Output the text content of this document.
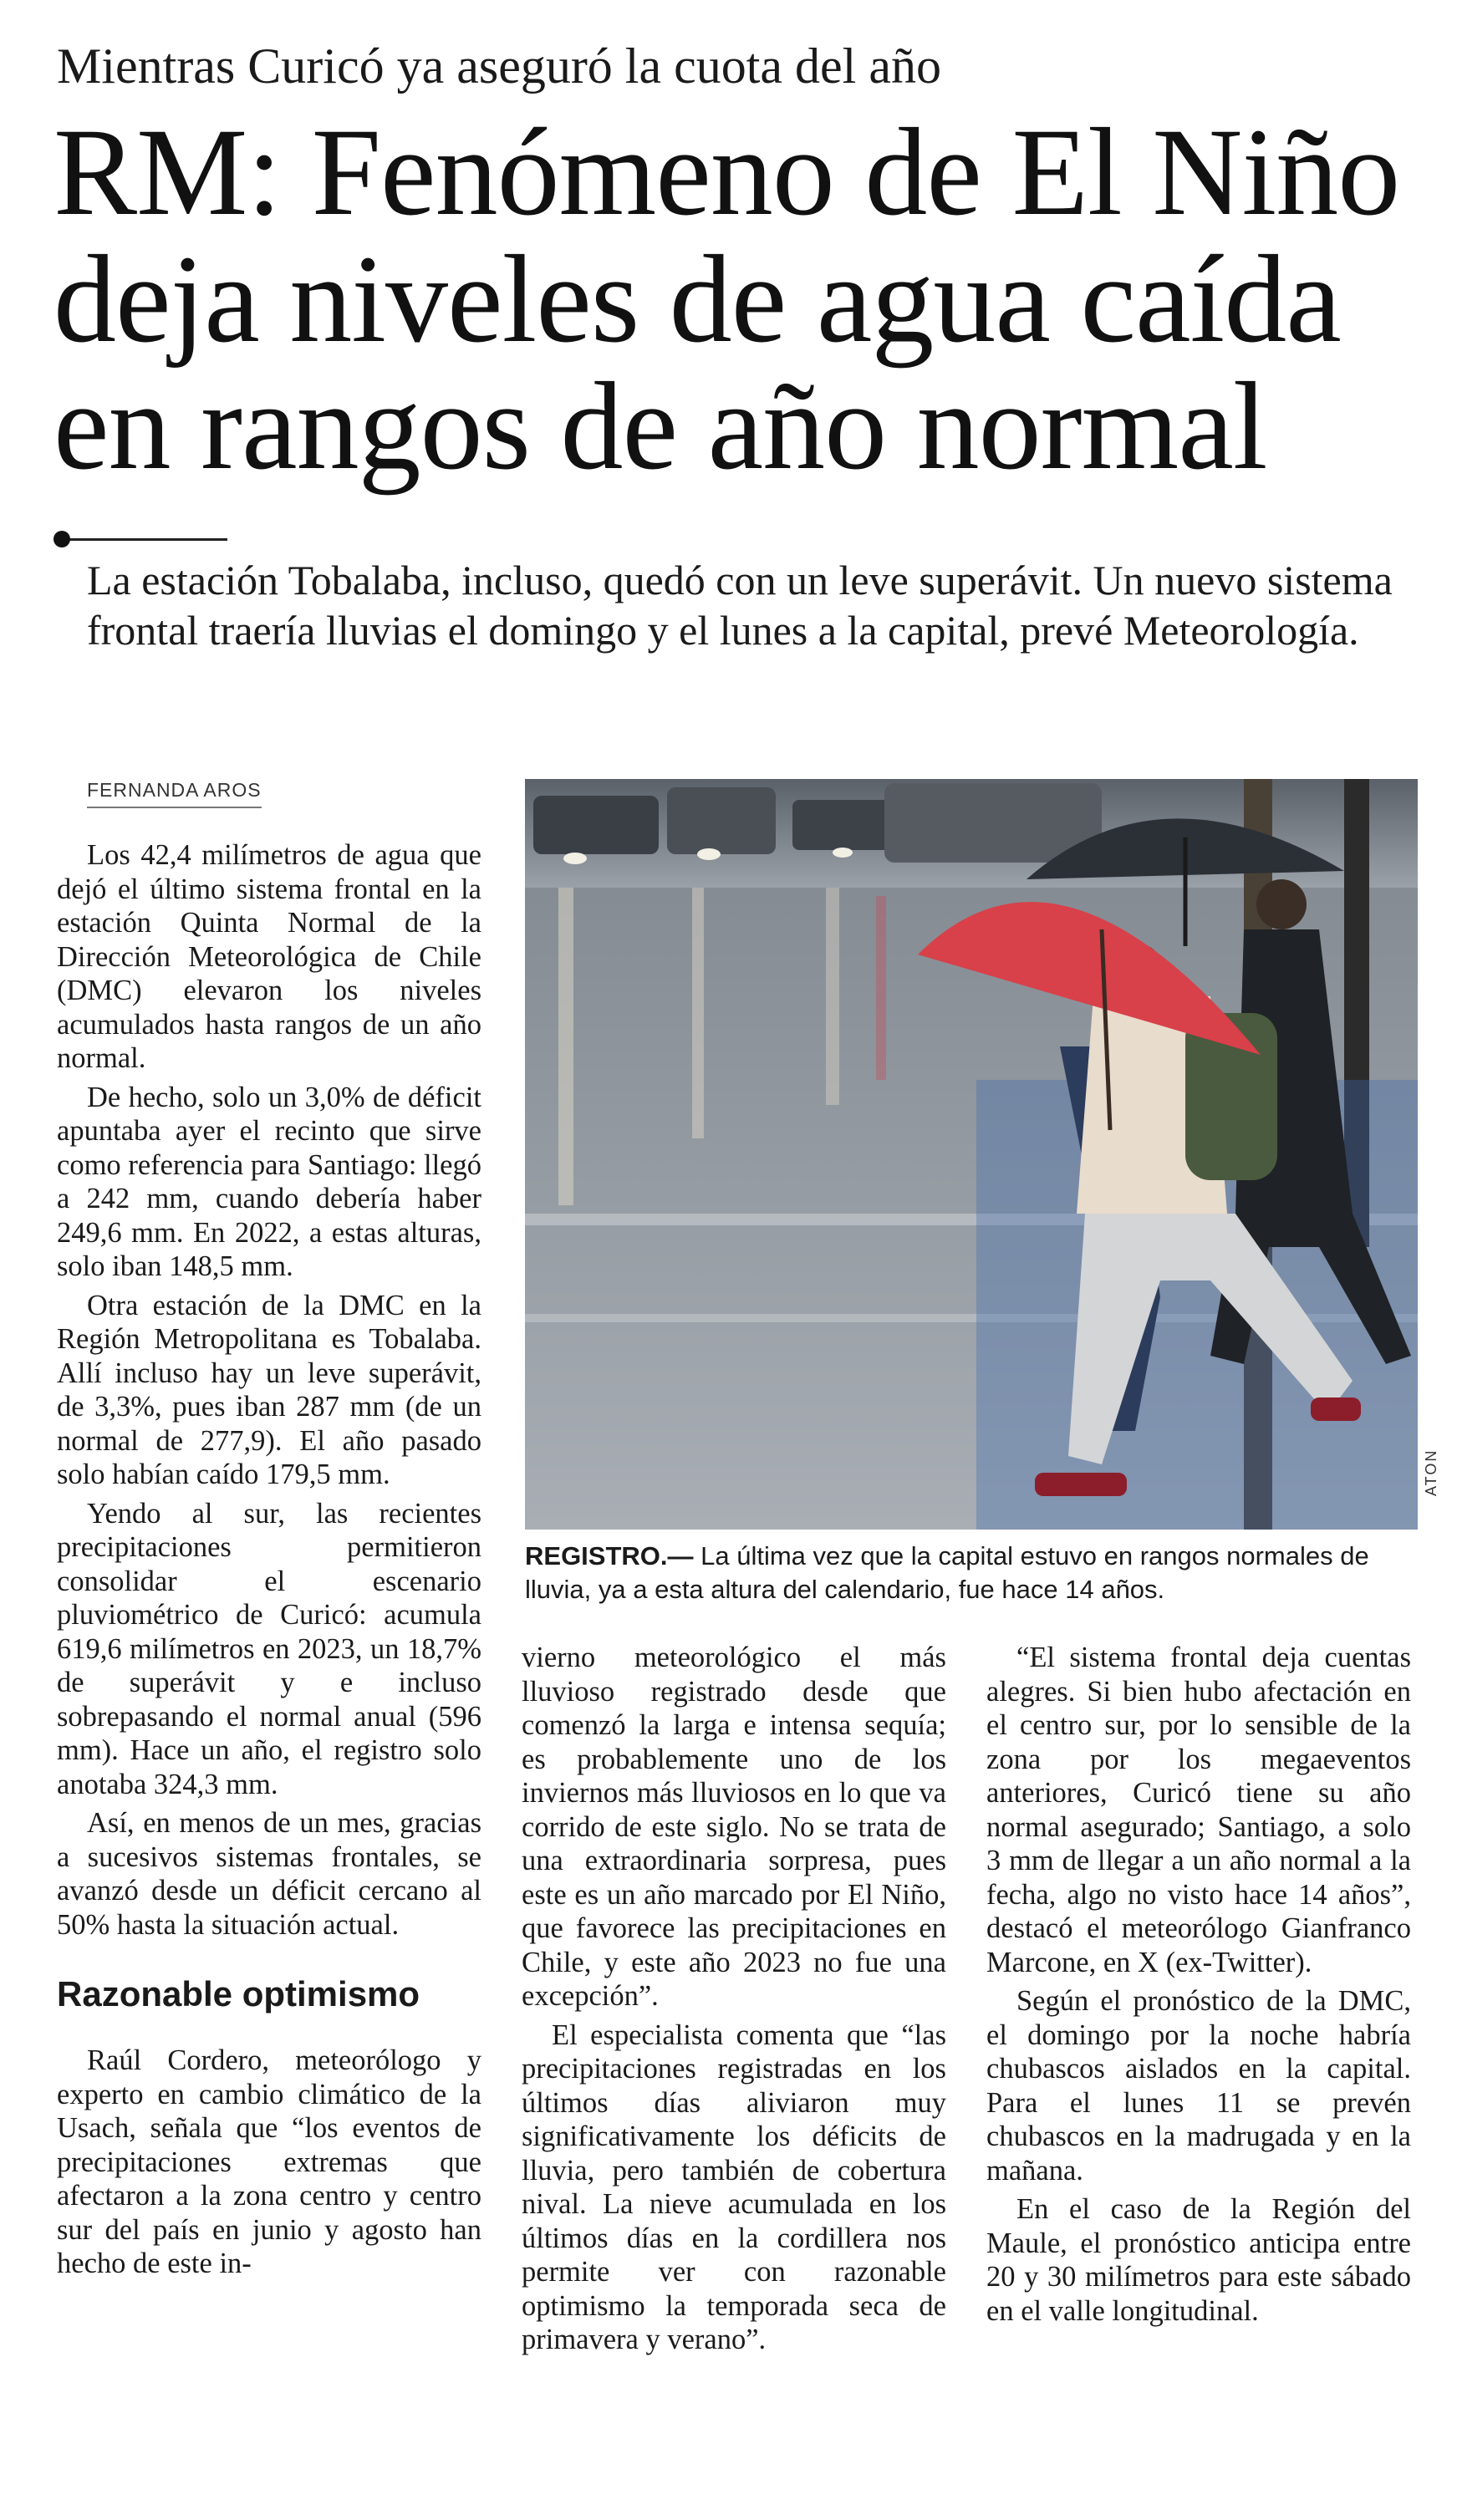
Mientras Curicó ya aseguró la cuota del año
RM: Fenómeno de El Niño deja niveles de agua caída en rangos de año normal
La estación Tobalaba, incluso, quedó con un leve superávit. Un nuevo sistema frontal traería lluvias el domingo y el lunes a la capital, prevé Meteorología.
FERNANDA AROS

Los 42,4 milímetros de agua que dejó el último sistema frontal en la estación Quinta Normal de la Dirección Meteorológica de Chile (DMC) elevaron los niveles acumulados hasta rangos de un año normal.

De hecho, solo un 3,0% de déficit apuntaba ayer el recinto que sirve como referencia para Santiago: llegó a 242 mm, cuando debería haber 249,6 mm. En 2022, a estas alturas, solo iban 148,5 mm.

Otra estación de la DMC en la Región Metropolitana es Tobalaba. Allí incluso hay un leve superávit, de 3,3%, pues iban 287 mm (de un normal de 277,9). El año pasado solo habían caído 179,5 mm.

Yendo al sur, las recientes precipitaciones permitieron consolidar el escenario pluviométrico de Curicó: acumula 619,6 milímetros en 2023, un 18,7% de superávit y e incluso sobrepasando el normal anual (596 mm). Hace un año, el registro solo anotaba 324,3 mm.

Así, en menos de un mes, gracias a sucesivos sistemas frontales, se avanzó desde un déficit cercano al 50% hasta la situación actual.

Razonable optimismo

Raúl Cordero, meteorólogo y experto en cambio climático de la Usach, señala que “los eventos de precipitaciones extremas que afectaron a la zona centro y centro sur del país en junio y agosto han hecho de este in-

ATON
REGISTRO.— La última vez que la capital estuvo en rangos normales de lluvia, ya a esta altura del calendario, fue hace 14 años.

vierno meteorológico el más lluvioso registrado desde que comenzó la larga e intensa sequía; es probablemente uno de los inviernos más lluviosos en lo que va corrido de este siglo. No se trata de una extraordinaria sorpresa, pues este es un año marcado por El Niño, que favorece las precipitaciones en Chile, y este año 2023 no fue una excepción”.

El especialista comenta que “las precipitaciones registradas en los últimos días aliviaron muy significativamente los déficits de lluvia, pero también de cobertura nival. La nieve acumulada en los últimos días en la cordillera nos permite ver con razonable optimismo la temporada seca de primavera y verano”.

“El sistema frontal deja cuentas alegres. Si bien hubo afectación en el centro sur, por lo sensible de la zona por los megaeventos anteriores, Curicó tiene su año normal asegurado; Santiago, a solo 3 mm de llegar a un año normal a la fecha, algo no visto hace 14 años”, destacó el meteorólogo Gianfranco Marcone, en X (ex-Twitter).

Según el pronóstico de la DMC, el domingo por la noche habría chubascos aislados en la capital. Para el lunes 11 se prevén chubascos en la madrugada y en la mañana.

En el caso de la Región del Maule, el pronóstico anticipa entre 20 y 30 milímetros para este sábado en el valle longitudinal.
